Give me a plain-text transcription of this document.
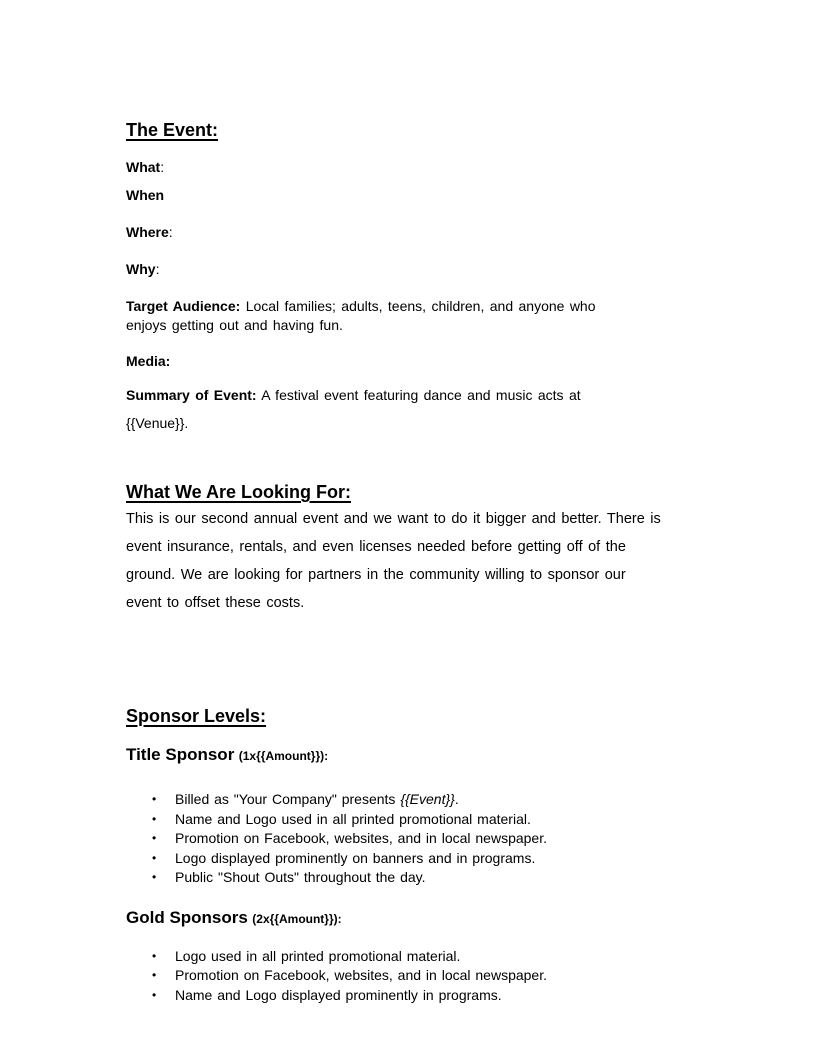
The Event:
What:
When
Where:
Why:
Target Audience: Local families; adults, teens, children, and anyone who
enjoys getting out and having fun.
Media:
Summary of Event: A festival event featuring dance and music acts at
{{Venue}}.
What We Are Looking For:
This is our second annual event and we want to do it bigger and better. There is
event insurance, rentals, and even licenses needed before getting off of the
ground. We are looking for partners in the community willing to sponsor our
event to offset these costs.
Sponsor Levels:
Title Sponsor (1x{{Amount}}):
•	Billed as "Your Company" presents {{Event}}.
•	Name and Logo used in all printed promotional material.
•	Promotion on Facebook, websites, and in local newspaper.
•	Logo displayed prominently on banners and in programs.
•	Public "Shout Outs" throughout the day.
Gold Sponsors (2x{{Amount}}):
•	Logo used in all printed promotional material.
•	Promotion on Facebook, websites, and in local newspaper.
•	Name and Logo displayed prominently in programs.
